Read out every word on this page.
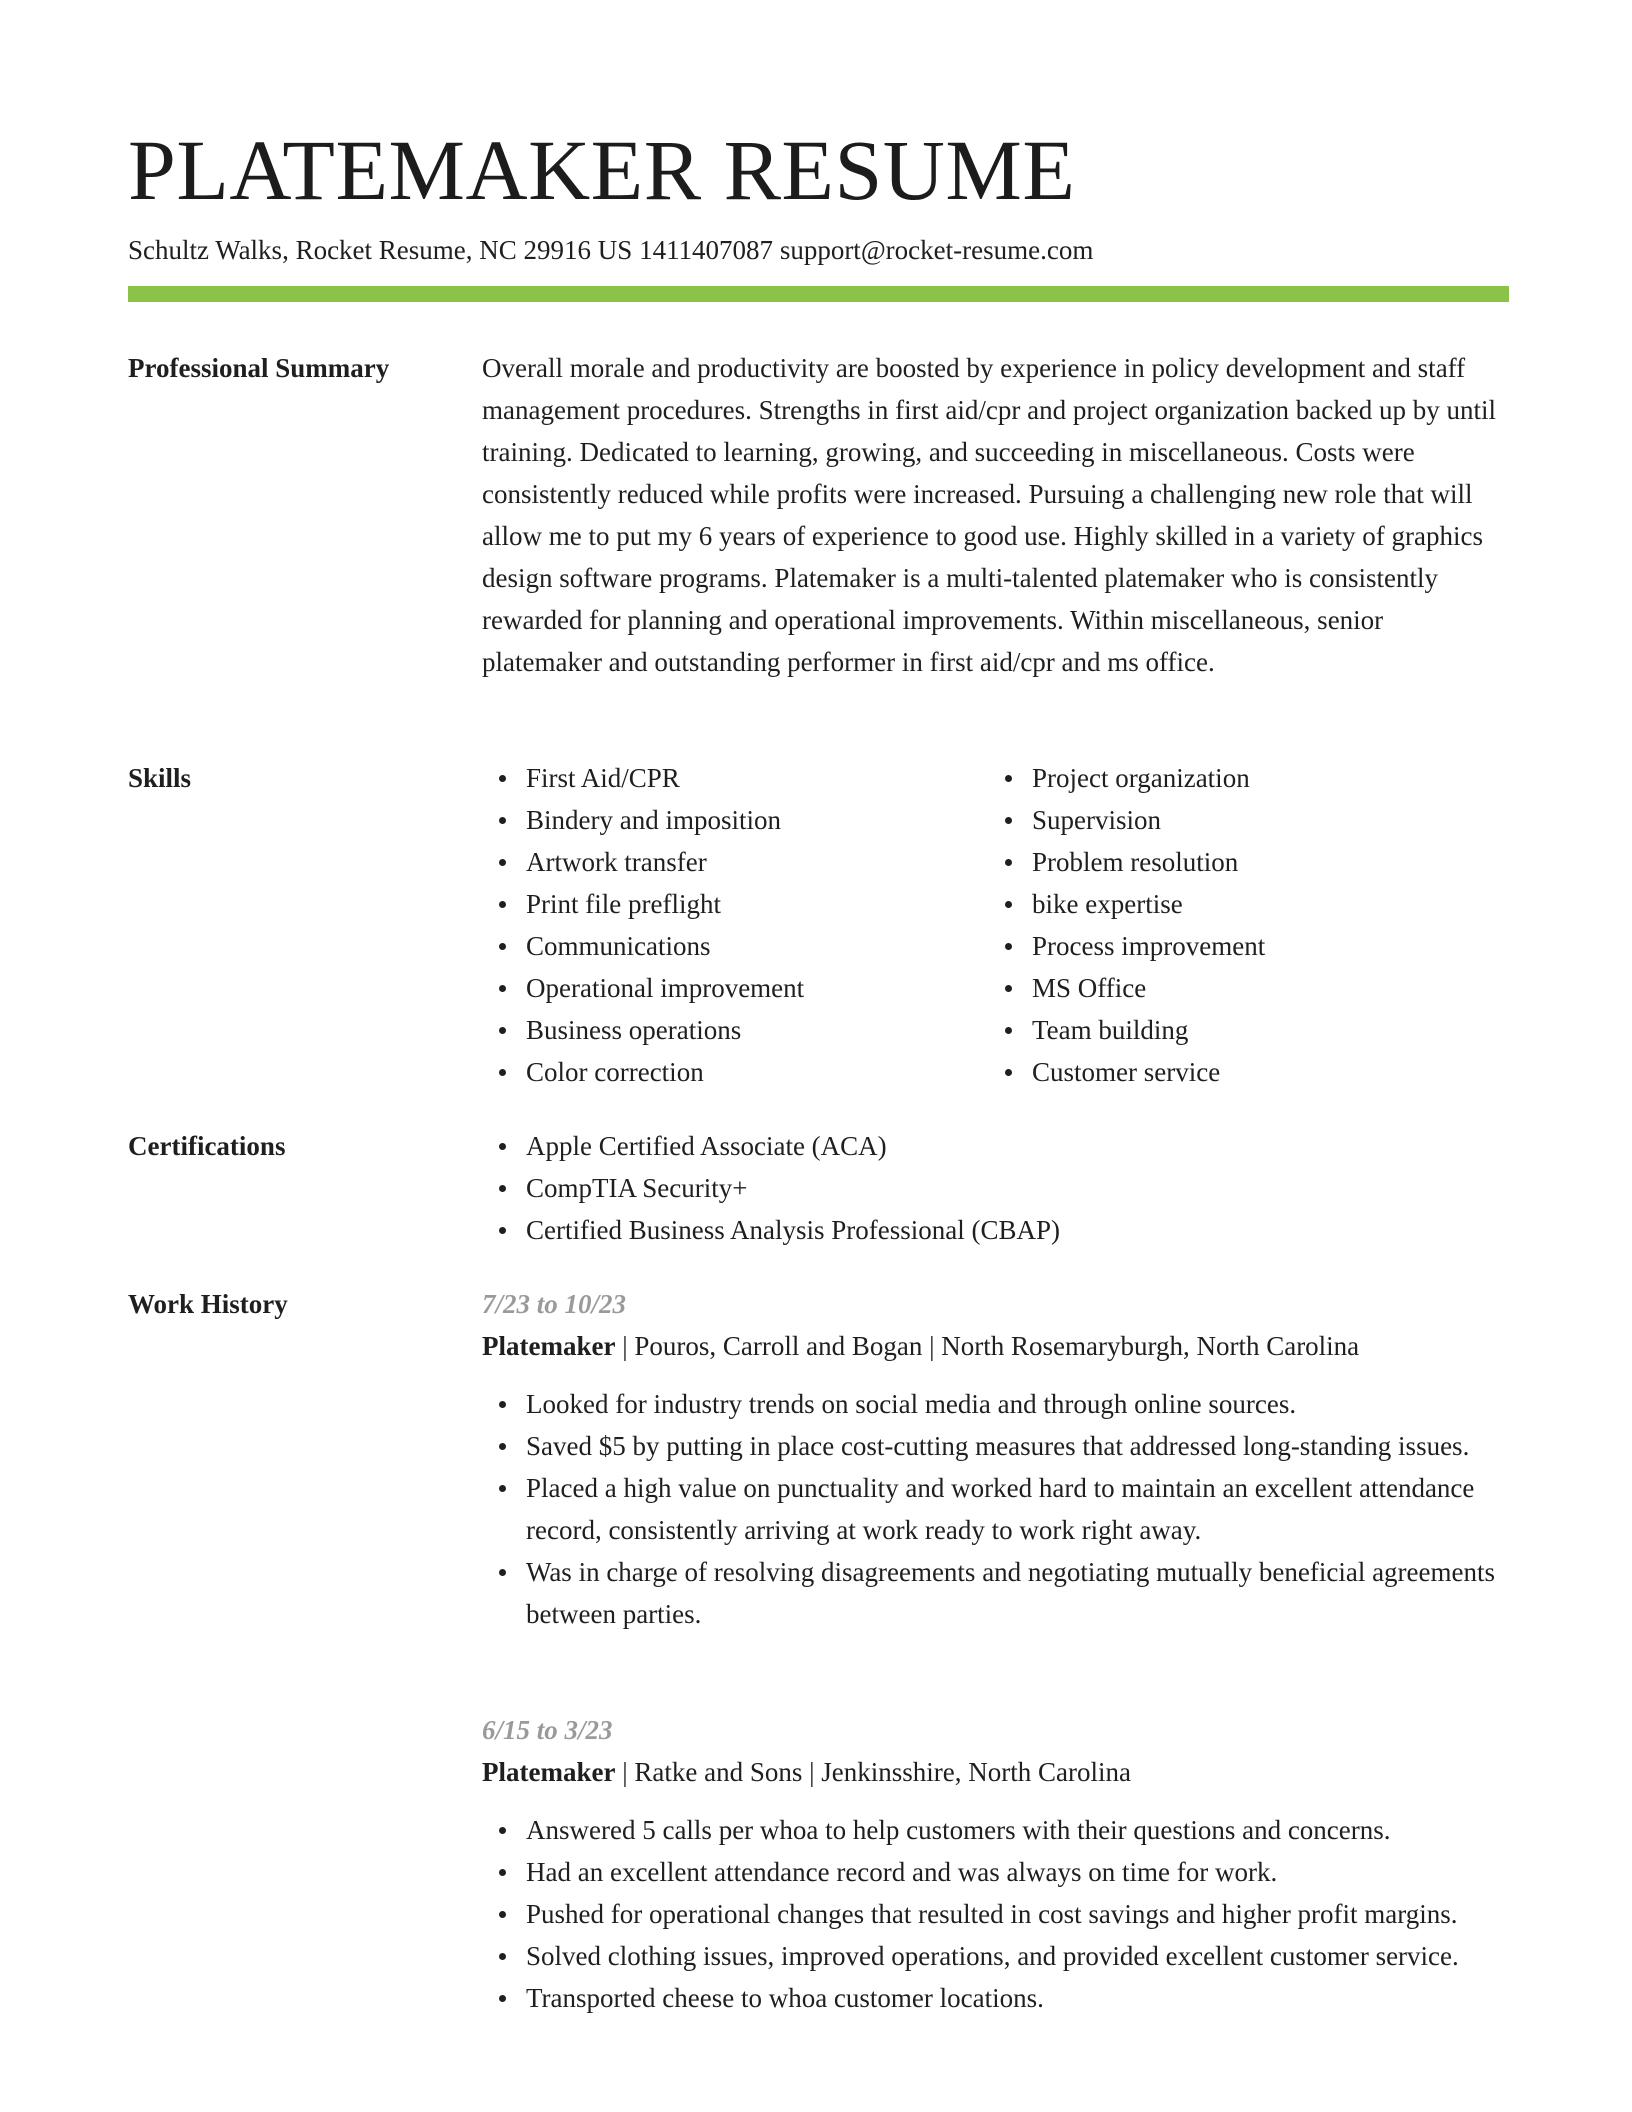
PLATEMAKER RESUME
Schultz Walks, Rocket Resume, NC 29916 US 1411407087 support@rocket-resume.com
Professional Summary	Overall morale and productivity are boosted by experience in policy development and staff management procedures. Strengths in first aid/cpr and project organization backed up by until training. Dedicated to learning, growing, and succeeding in miscellaneous. Costs were consistently reduced while profits were increased. Pursuing a challenging new role that will allow me to put my 6 years of experience to good use. Highly skilled in a variety of graphics design software programs. Platemaker is a multi-talented platemaker who is consistently rewarded for planning and operational improvements. Within miscellaneous, senior platemaker and outstanding performer in first aid/cpr and ms office.

Skills	First Aid/CPR
Bindery and imposition
Artwork transfer
Print file preflight
Communications
Operational improvement
Business operations
Color correction
Project organization
Supervision
Problem resolution
bike expertise
Process improvement
MS Office
Team building
Customer service
Certifications	Apple Certified Associate (ACA)
CompTIA Security+
Certified Business Analysis Professional (CBAP)
Work History	7/23 to 10/23
Platemaker | Pouros, Carroll and Bogan | North Rosemaryburgh, North Carolina
Looked for industry trends on social media and through online sources.
Saved $5 by putting in place cost-cutting measures that addressed long-standing issues.
Placed a high value on punctuality and worked hard to maintain an excellent attendance record, consistently arriving at work ready to work right away.
Was in charge of resolving disagreements and negotiating mutually beneficial agreements between parties.
6/15 to 3/23
Platemaker | Ratke and Sons | Jenkinsshire, North Carolina
Answered 5 calls per whoa to help customers with their questions and concerns.
Had an excellent attendance record and was always on time for work.
Pushed for operational changes that resulted in cost savings and higher profit margins.
Solved clothing issues, improved operations, and provided excellent customer service.
Transported cheese to whoa customer locations.
